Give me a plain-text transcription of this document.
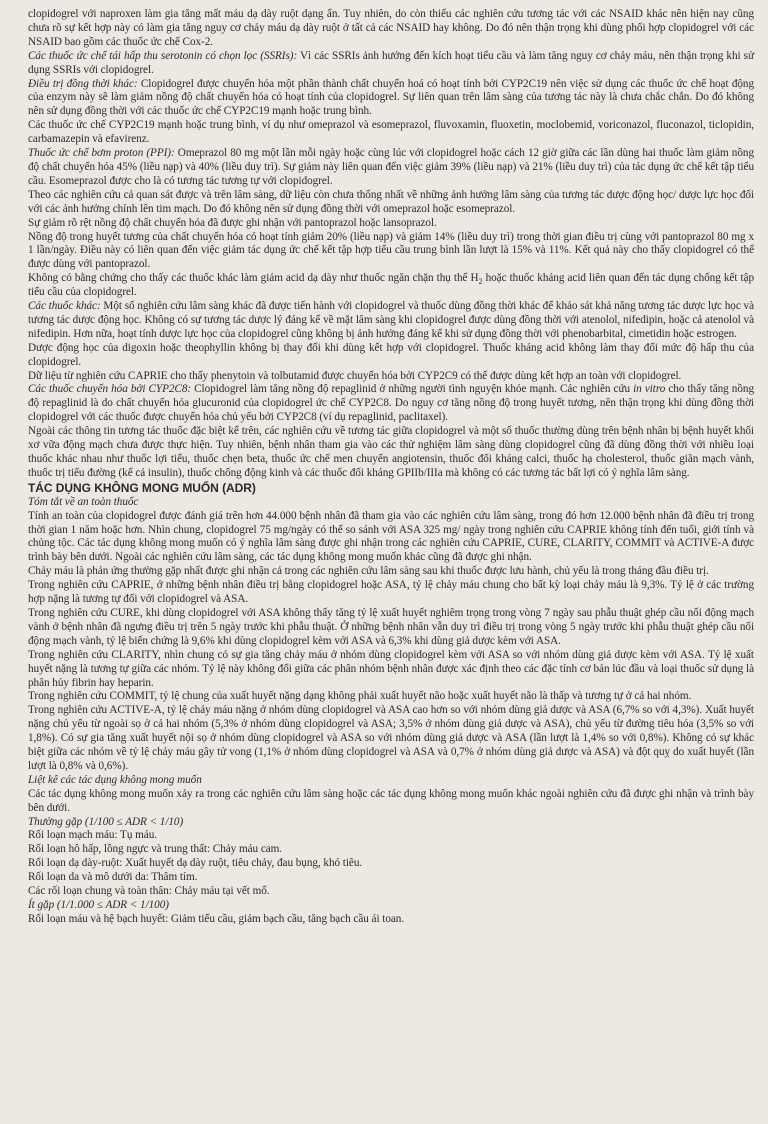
clopidogrel với naproxen làm gia tăng mất máu dạ dày ruột dạng ẩn. Tuy nhiên, do còn thiếu các nghiên cứu tương tác với các NSAID khác nên hiện nay cũng chưa rõ sự kết hợp này có làm gia tăng nguy cơ chảy máu dạ dày ruột ở tất cả các NSAID hay không. Do đó nên thận trọng khi dùng phối hợp clopidogrel với các NSAID bao gồm các thuốc ức chế Cox-2.

Các thuốc ức chế tái hấp thu serotonin có chọn lọc (SSRIs): Vì các SSRIs ảnh hưởng đến kích hoạt tiểu cầu và làm tăng nguy cơ chảy máu, nên thận trọng khi sử dụng SSRIs với clopidogrel.

Điều trị đồng thời khác: Clopidogrel được chuyển hóa một phần thành chất chuyển hoá có hoạt tính bởi CYP2C19 nên việc sử dụng các thuốc ức chế hoạt động của enzym này sẽ làm giảm nồng độ chất chuyển hóa có hoạt tính của clopidogrel. Sự liên quan trên lâm sàng của tương tác này là chưa chắc chắn. Do đó không nên sử dụng đồng thời với các thuốc ức chế CYP2C19 mạnh hoặc trung bình.

Các thuốc ức chế CYP2C19 mạnh hoặc trung bình, ví dụ như omeprazol và esomeprazol, fluvoxamin, fluoxetin, moclobemid, voriconazol, fluconazol, ticlopidin, carbamazepin và efavirenz.

Thuốc ức chế bơm proton (PPI): Omeprazol 80 mg một lần mỗi ngày hoặc cùng lúc với clopidogrel hoặc cách 12 giờ giữa các lần dùng hai thuốc làm giảm nồng độ chất chuyển hóa 45% (liều nạp) và 40% (liều duy trì). Sự giảm này liên quan đến việc giảm 39% (liều nạp) và 21% (liều duy trì) của tác dụng ức chế kết tập tiểu cầu. Esomeprazol được cho là có tương tác tương tự với clopidogrel.

Theo các nghiên cứu cả quan sát được và trên lâm sàng, dữ liệu còn chưa thống nhất về những ảnh hưởng lâm sàng của tương tác dược động học/ dược lực học đối với các ảnh hưởng chính lên tim mạch. Do đó không nên sử dụng đồng thời với omeprazol hoặc esomeprazol.

Sự giảm rõ rệt nồng độ chất chuyển hóa đã được ghi nhận với pantoprazol hoặc lansoprazol.

Nồng độ trong huyết tương của chất chuyển hóa có hoạt tính giảm 20% (liều nạp) và giảm 14% (liều duy trì) trong thời gian điều trị cùng với pantoprazol 80 mg x 1 lần/ngày. Điều này có liên quan đến việc giảm tác dụng ức chế kết tập hợp tiểu cầu trung bình lần lượt là 15% và 11%. Kết quả này cho thấy clopidogrel có thể được dùng với pantoprazol.

Không có bằng chứng cho thấy các thuốc khác làm giảm acid dạ dày như thuốc ngăn chặn thụ thể $H_2$ hoặc thuốc kháng acid liên quan đến tác dụng chống kết tập tiểu cầu của clopidogrel.

Các thuốc khác: Một số nghiên cứu lâm sàng khác đã được tiến hành với clopidogrel và thuốc dùng đồng thời khác để khảo sát khả năng tương tác dược lực học và tương tác dược động học. Không có sự tương tác dược lý đáng kể về mặt lâm sàng khi clopidogrel được dùng đồng thời với atenolol, nifedipin, hoặc cả atenolol và nifedipin. Hơn nữa, hoạt tính dược lực học của clopidogrel cũng không bị ảnh hưởng đáng kể khi sử dụng đồng thời với phenobarbital, cimetidin hoặc estrogen.

Dược động học của digoxin hoặc theophyllin không bị thay đổi khi dùng kết hợp với clopidogrel. Thuốc kháng acid không làm thay đổi mức độ hấp thu của clopidogrel.

Dữ liệu từ nghiên cứu CAPRIE cho thấy phenytoin và tolbutamid được chuyển hóa bởi CYP2C9 có thể được dùng kết hợp an toàn với clopidogrel.

Các thuốc chuyển hóa bởi CYP2C8: Clopidogrel làm tăng nồng độ repaglinid ở những người tình nguyện khỏe mạnh. Các nghiên cứu in vitro cho thấy tăng nồng độ repaglinid là do chất chuyển hóa glucuronid của clopidogrel ức chế CYP2C8. Do nguy cơ tăng nồng độ trong huyết tương, nên thận trọng khi dùng đồng thời clopidogrel với các thuốc được chuyển hóa chủ yếu bởi CYP2C8 (ví dụ repaglinid, paclitaxel).

Ngoài các thông tin tương tác thuốc đặc biệt kể trên, các nghiên cứu về tương tác giữa clopidogrel và một số thuốc thường dùng trên bệnh nhân bị bệnh huyết khối xơ vữa động mạch chưa được thực hiện. Tuy nhiên, bệnh nhân tham gia vào các thử nghiệm lâm sàng dùng clopidogrel cũng đã dùng đồng thời với nhiều loại thuốc khác nhau như thuốc lợi tiểu, thuốc chẹn beta, thuốc ức chế men chuyển angiotensin, thuốc đối kháng calci, thuốc hạ cholesterol, thuốc giãn mạch vành, thuốc trị tiểu đường (kể cả insulin), thuốc chống động kinh và các thuốc đối kháng GPIIb/IIIa mà không có các tương tác bất lợi có ý nghĩa lâm sàng.

TÁC DỤNG KHÔNG MONG MUỐN (ADR)

Tóm tắt về an toàn thuốc

Tính an toàn của clopidogrel được đánh giá trên hơn 44.000 bệnh nhân đã tham gia vào các nghiên cứu lâm sàng, trong đó hơn 12.000 bệnh nhân đã điều trị trong thời gian 1 năm hoặc hơn. Nhìn chung, clopidogrel 75 mg/ngày có thể so sánh với ASA 325 mg/ ngày trong nghiên cứu CAPRIE không tính đến tuổi, giới tính và chủng tộc. Các tác dụng không mong muốn có ý nghĩa lâm sàng được ghi nhận trong các nghiên cứu CAPRIE, CURE, CLARITY, COMMIT và ACTIVE-A được trình bày bên dưới. Ngoài các nghiên cứu lâm sàng, các tác dụng không mong muốn khác cũng đã được ghi nhận.

Chảy máu là phản ứng thường gặp nhất được ghi nhận cả trong các nghiên cứu lâm sàng sau khi thuốc được lưu hành, chủ yếu là trong tháng đầu điều trị.

Trong nghiên cứu CAPRIE, ở những bệnh nhân điều trị bằng clopidogrel hoặc ASA, tỷ lệ chảy máu chung cho bất kỳ loại chảy máu là 9,3%. Tỷ lệ ở các trường hợp nặng là tương tự đối với clopidogrel và ASA.

Trong nghiên cứu CURE, khi dùng clopidogrel với ASA không thấy tăng tỷ lệ xuất huyết nghiêm trọng trong vòng 7 ngày sau phẫu thuật ghép cầu nối động mạch vành ở bệnh nhân đã ngưng điều trị trên 5 ngày trước khi phẫu thuật. Ở những bệnh nhân vẫn duy trì điều trị trong vòng 5 ngày trước khi phẫu thuật ghép cầu nối động mạch vành, tỷ lệ biến chứng là 9,6% khi dùng clopidogrel kèm với ASA và 6,3% khi dùng giả dược kèm với ASA.

Trong nghiên cứu CLARITY, nhìn chung có sự gia tăng chảy máu ở nhóm dùng clopidogrel kèm với ASA so với nhóm dùng giả dược kèm với ASA. Tỷ lệ xuất huyết nặng là tương tự giữa các nhóm. Tỷ lệ này không đổi giữa các phân nhóm bệnh nhân được xác định theo các đặc tính cơ bản lúc đầu và loại thuốc sử dụng là phân hủy fibrin hay heparin.

Trong nghiên cứu COMMIT, tỷ lệ chung của xuất huyết nặng dạng không phải xuất huyết não hoặc xuất huyết não là thấp và tương tự ở cả hai nhóm.

Trong nghiên cứu ACTIVE-A, tỷ lệ chảy máu nặng ở nhóm dùng clopidogrel và ASA cao hơn so với nhóm dùng giả dược và ASA (6,7% so với 4,3%). Xuất huyết nặng chủ yếu từ ngoài sọ ở cả hai nhóm (5,3% ở nhóm dùng clopidogrel và ASA; 3,5% ở nhóm dùng giả dược và ASA), chủ yếu từ đường tiêu hóa (3,5% so với 1,8%). Có sự gia tăng xuất huyết nội sọ ở nhóm dùng clopidogrel và ASA so với nhóm dùng giả dược và ASA (lần lượt là 1,4% so với 0,8%). Không có sự khác biệt giữa các nhóm về tỷ lệ chảy máu gây tử vong (1,1% ở nhóm dùng clopidogrel và ASA và 0,7% ở nhóm dùng giả dược và ASA) và đột quỵ do xuất huyết (lần lượt là 0,8% và 0,6%).

Liệt kê các tác dụng không mong muốn

Các tác dụng không mong muốn xảy ra trong các nghiên cứu lâm sàng hoặc các tác dụng không mong muốn khác ngoài nghiên cứu đã được ghi nhận và trình bày bên dưới.

Thường gặp (1/100 ≤ ADR < 1/10)

Rối loạn mạch máu: Tụ máu.

Rối loạn hô hấp, lồng ngực và trung thất: Chảy máu cam.

Rối loạn dạ dày-ruột: Xuất huyết dạ dày ruột, tiêu chảy, đau bụng, khó tiêu.

Rối loạn da và mô dưới da: Thâm tím.

Các rối loạn chung và toàn thân: Chảy máu tại vết mổ.

Ít gặp (1/1.000 ≤ ADR < 1/100)

Rối loạn máu và hệ bạch huyết: Giảm tiểu cầu, giảm bạch cầu, tăng bạch cầu ái toan.
